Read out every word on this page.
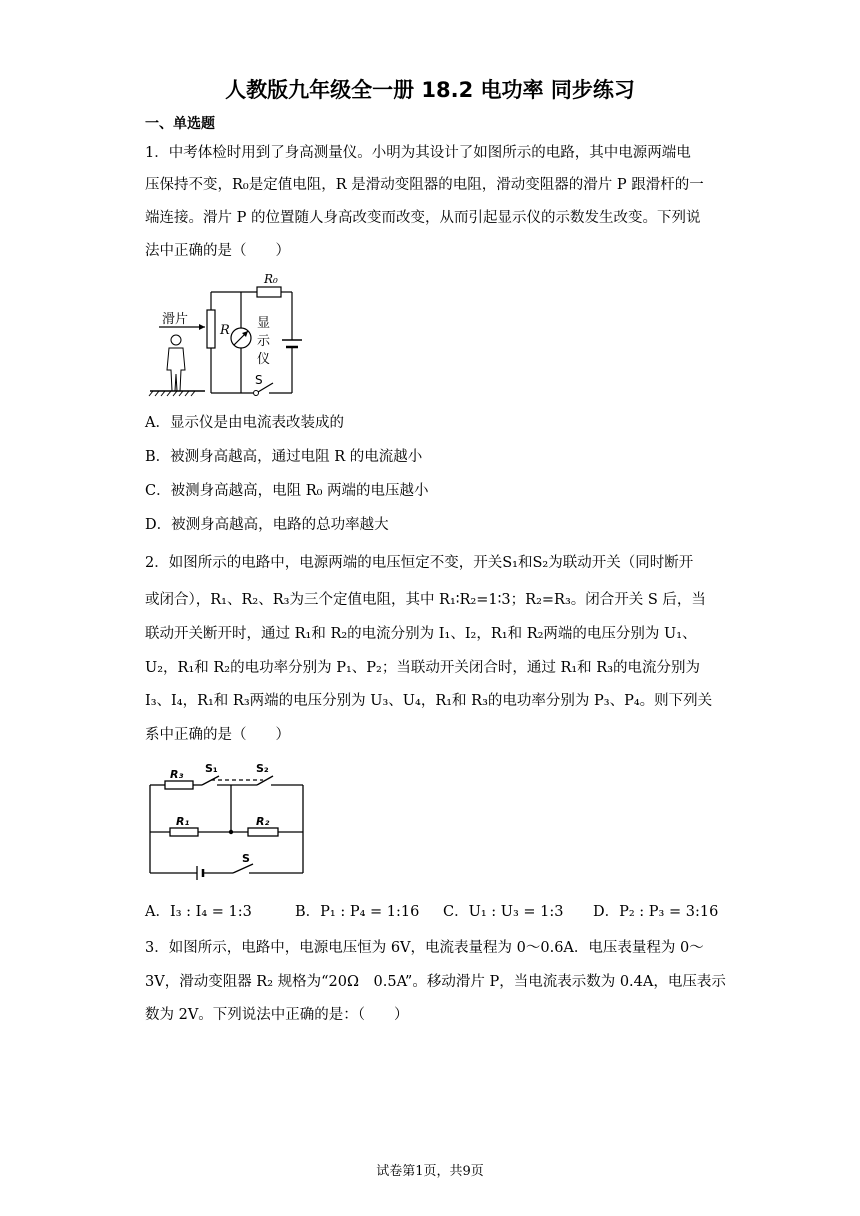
人教版九年级全一册 18.2 电功率 同步练习
一、单选题
1．中考体检时用到了身高测量仪。小明为其设计了如图所示的电路，其中电源两端电
压保持不变，R₀是定值电阻，R 是滑动变阻器的电阻，滑动变阻器的滑片 P 跟滑杆的一
端连接。滑片 P 的位置随人身高改变而改变，从而引起显示仪的示数发生改变。下列说
法中正确的是（　　）
滑片
R
R₀
显
示
仪
S
A．显示仪是由电流表改装成的
B．被测身高越高，通过电阻 R 的电流越小
C．被测身高越高，电阻 R₀ 两端的电压越小
D．被测身高越高，电路的总功率越大
2．如图所示的电路中，电源两端的电压恒定不变，开关S₁和S₂为联动开关（同时断开
或闭合），R₁、R₂、R₃为三个定值电阻，其中 R₁∶R₂=1∶3；R₂=R₃。闭合开关 S 后，当
联动开关断开时，通过 R₁和 R₂的电流分别为 I₁、I₂，R₁和 R₂两端的电压分别为 U₁、
U₂，R₁和 R₂的电功率分别为 P₁、P₂；当联动开关闭合时，通过 R₁和 R₃的电流分别为
I₃、I₄，R₁和 R₃两端的电压分别为 U₃、U₄，R₁和 R₃的电功率分别为 P₃、P₄。则下列关
系中正确的是（　　）
R₃ S₁	S₂
R₁	R₂
S
A．I₃ : I₄ = 1:3	B．P₁ : P₄ = 1:16 C．U₁ : U₃ = 1:3 D．P₂ : P₃ = 3:16
3．如图所示，电路中，电源电压恒为 6V，电流表量程为 0～0.6A．电压表量程为 0～
3V，滑动变阻器 R₂ 规格为“20Ω　0.5A”。移动滑片 P，当电流表示数为 0.4A，电压表示
数为 2V。下列说法中正确的是：（　　）
试卷第1页，共9页
